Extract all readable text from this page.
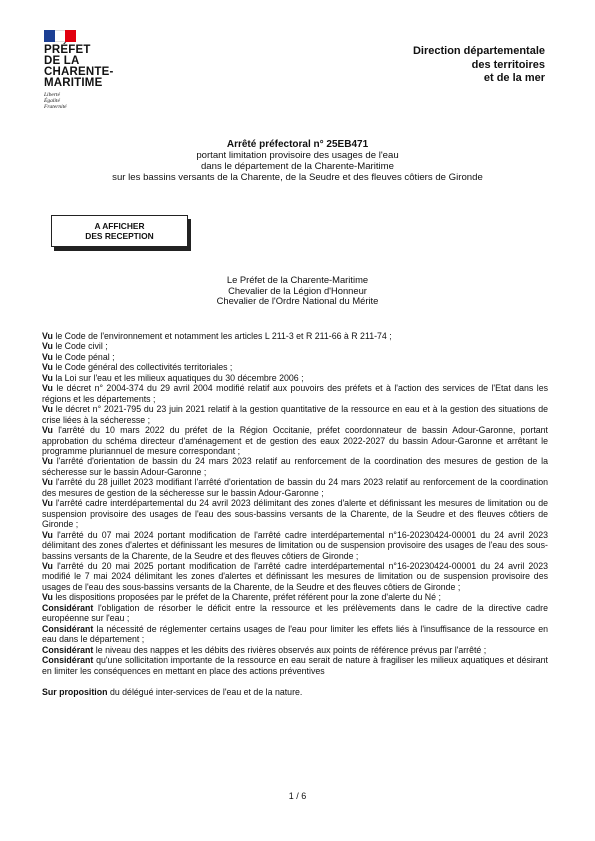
PRÉFET
DE LA
CHARENTE-
MARITIME
Liberté
Égalité
Fraternité
Direction départementale
des territoires
et de la mer
Arrêté préfectoral n° 25EB471
portant limitation provisoire des usages de l'eau
dans le département de la Charente-Maritime
sur les bassins versants de la Charente, de la Seudre et des fleuves côtiers de Gironde
A AFFICHER
DES RECEPTION
Le Préfet de la Charente-Maritime
Chevalier de la Légion d'Honneur
Chevalier de l'Ordre National du Mérite
Vu le Code de l'environnement et notamment les articles L 211-3 et R 211-66 à R 211-74 ;
Vu le Code civil ;
Vu le Code pénal ;
Vu le Code général des collectivités territoriales ;
Vu la Loi sur l'eau et les milieux aquatiques du 30 décembre 2006 ;
Vu le décret n° 2004-374 du 29 avril 2004 modifié relatif aux pouvoirs des préfets et à l'action des services de l'Etat dans les régions et les départements ;
Vu le décret n° 2021-795 du 23 juin 2021 relatif à la gestion quantitative de la ressource en eau et à la gestion des situations de crise liées à la sécheresse ;
Vu l'arrêté du 10 mars 2022 du préfet de la Région Occitanie, préfet coordonnateur de bassin Adour-Garonne, portant approbation du schéma directeur d'aménagement et de gestion des eaux 2022-2027 du bassin Adour-Garonne et arrêtant le programme pluriannuel de mesure correspondant ;
Vu l'arrêté d'orientation de bassin du 24 mars 2023 relatif au renforcement de la coordination des mesures de gestion de la sécheresse sur le bassin Adour-Garonne ;
Vu l'arrêté du 28 juillet 2023 modifiant l'arrêté d'orientation de bassin du 24 mars 2023 relatif au renforcement de la coordination des mesures de gestion de la sécheresse sur le bassin Adour-Garonne ;
Vu l'arrêté cadre interdépartemental du 24 avril 2023 délimitant des zones d'alerte et définissant les mesures de limitation ou de suspension provisoire des usages de l'eau des sous-bassins versants de la Charente, de la Seudre et des fleuves côtiers de Gironde ;
Vu l'arrêté du 07 mai 2024 portant modification de l'arrêté cadre interdépartemental n°16-20230424-00001 du 24 avril 2023 délimitant des zones d'alertes et définissant les mesures de limitation ou de suspension provisoire des usages de l'eau des sous-bassins versants de la Charente, de la Seudre et des fleuves côtiers de Gironde ;
Vu l'arrêté du 20 mai 2025 portant modification de l'arrêté cadre interdépartemental n°16-20230424-00001 du 24 avril 2023 modifié le 7 mai 2024 délimitant les zones d'alertes et définissant les mesures de limitation ou de suspension provisoire des usages de l'eau des sous-bassins versants de la Charente, de la Seudre et des fleuves côtiers de Gironde ;
Vu les dispositions proposées par le préfet de la Charente, préfet référent pour la zone d'alerte du Né ;
Considérant l'obligation de résorber le déficit entre la ressource et les prélèvements dans le cadre de la directive cadre européenne sur l'eau ;
Considérant la nécessité de réglementer certains usages de l'eau pour limiter les effets liés à l'insuffisance de la ressource en eau dans le département ;
Considérant le niveau des nappes et les débits des rivières observés aux points de référence prévus par l'arrêté ;
Considérant qu'une sollicitation importante de la ressource en eau serait de nature à fragiliser les milieux aquatiques et désirant en limiter les conséquences en mettant en place des actions préventives
Sur proposition du délégué inter-services de l'eau et de la nature.
1 / 6
